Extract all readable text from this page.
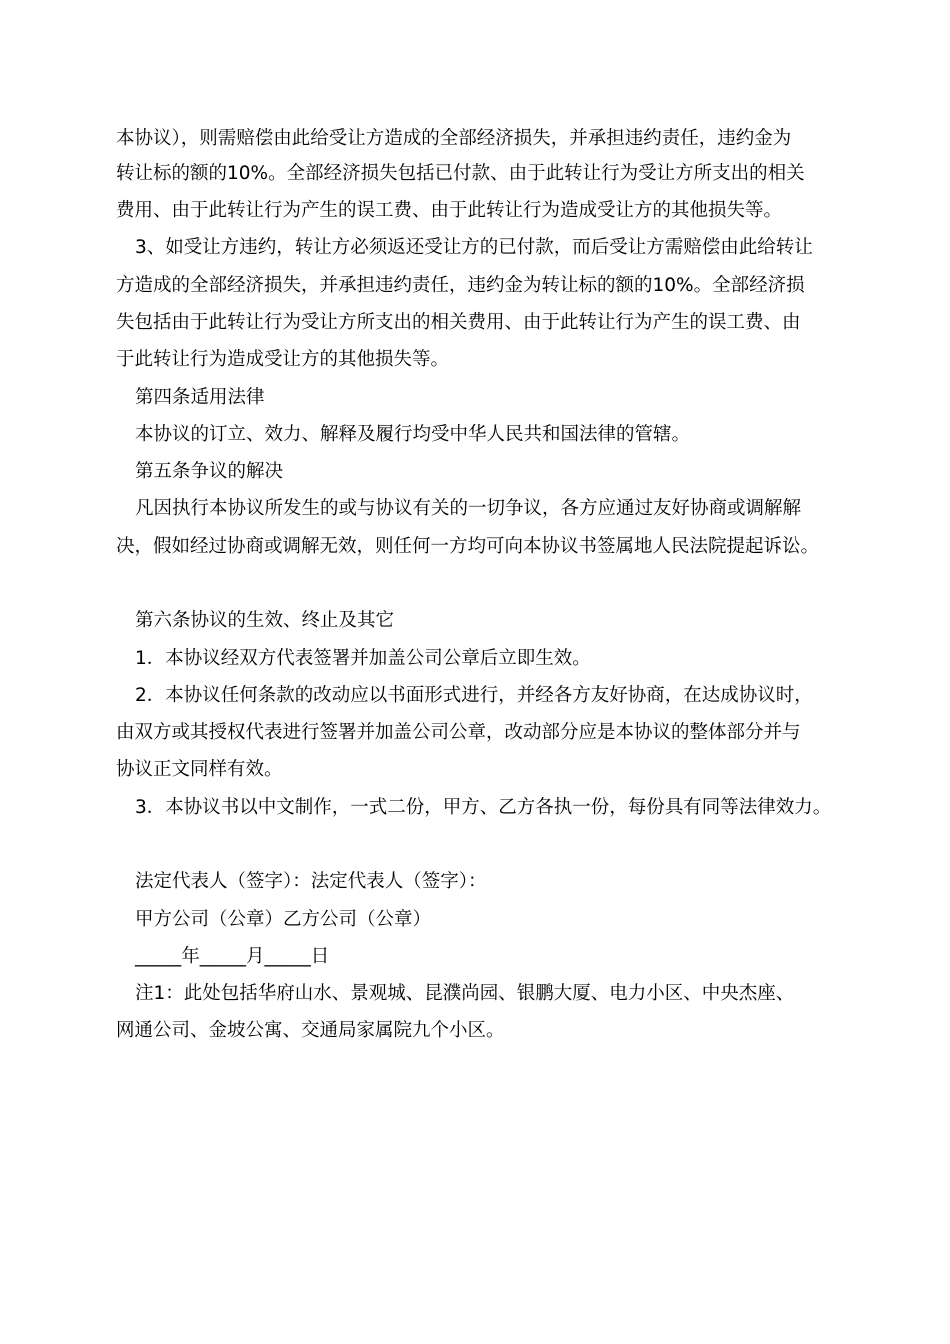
本协议），则需赔偿由此给受让方造成的全部经济损失，并承担违约责任，违约金为
转让标的额的10%。全部经济损失包括已付款、由于此转让行为受让方所支出的相关
费用、由于此转让行为产生的误工费、由于此转让行为造成受让方的其他损失等。
3、如受让方违约，转让方必须返还受让方的已付款，而后受让方需赔偿由此给转让
方造成的全部经济损失，并承担违约责任，违约金为转让标的额的10%。全部经济损
失包括由于此转让行为受让方所支出的相关费用、由于此转让行为产生的误工费、由
于此转让行为造成受让方的其他损失等。
第四条适用法律
本协议的订立、效力、解释及履行均受中华人民共和国法律的管辖。
第五条争议的解决
凡因执行本协议所发生的或与协议有关的一切争议，各方应通过友好协商或调解解
决，假如经过协商或调解无效，则任何一方均可向本协议书签属地人民法院提起诉讼。
第六条协议的生效、终止及其它
1．本协议经双方代表签署并加盖公司公章后立即生效。
2．本协议任何条款的改动应以书面形式进行，并经各方友好协商，在达成协议时，
由双方或其授权代表进行签署并加盖公司公章，改动部分应是本协议的整体部分并与
协议正文同样有效。
3．本协议书以中文制作，一式二份，甲方、乙方各执一份，每份具有同等法律效力。
法定代表人（签字）：法定代表人（签字）：
甲方公司（公章）乙方公司（公章）
_____年_____月_____日
注1：此处包括华府山水、景观城、昆濮尚园、银鹏大厦、电力小区、中央杰座、
网通公司、金坡公寓、交通局家属院九个小区。
